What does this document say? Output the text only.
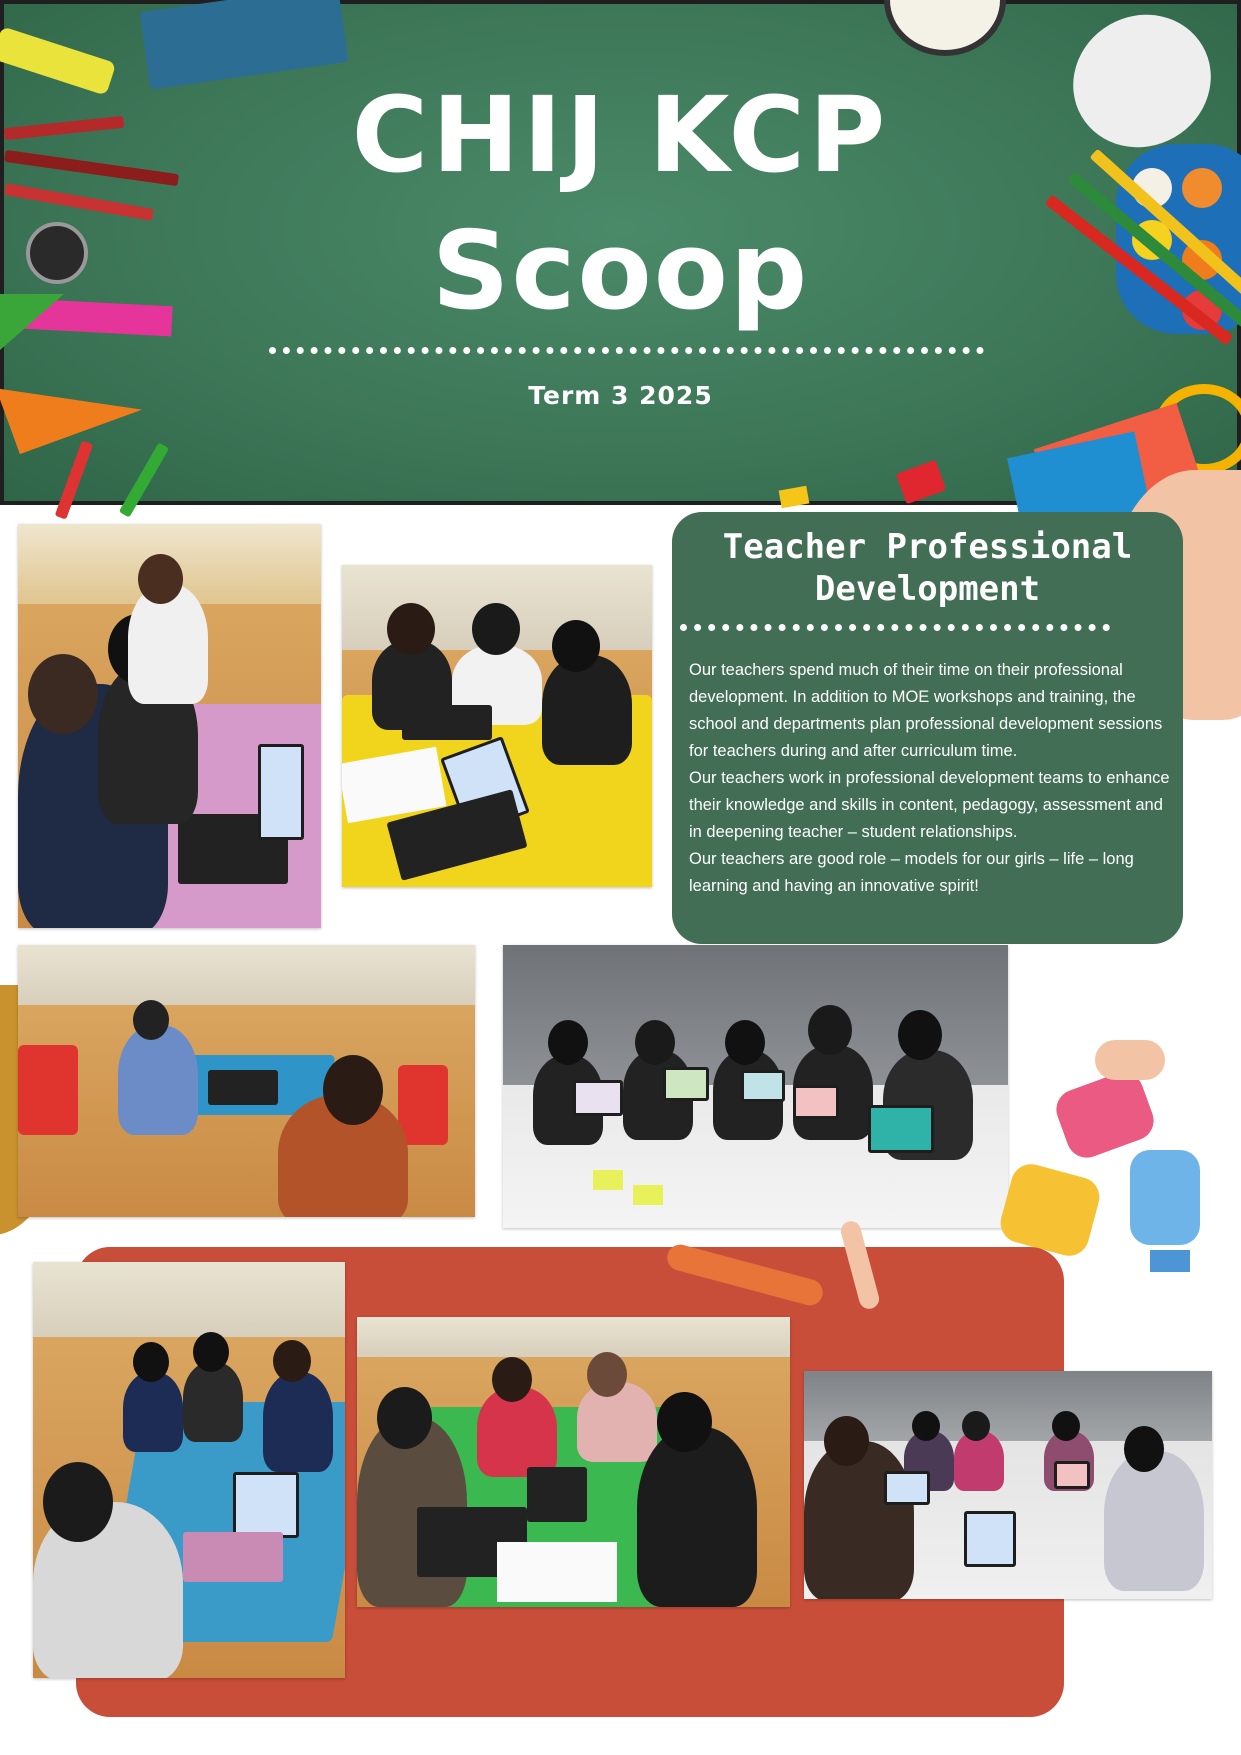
CHIJ KCP
Scoop
Term 3 2025
Teacher Professional
Development

Our teachers spend much of their time on their professional development. In addition to MOE workshops and training, the school and departments plan professional development sessions for teachers during and after curriculum time.

Our teachers work in professional development teams to enhance their knowledge and skills in content, pedagogy, assessment and in deepening teacher – student relationships.

Our teachers are good role – models for our girls – life – long learning and having an innovative spirit!
